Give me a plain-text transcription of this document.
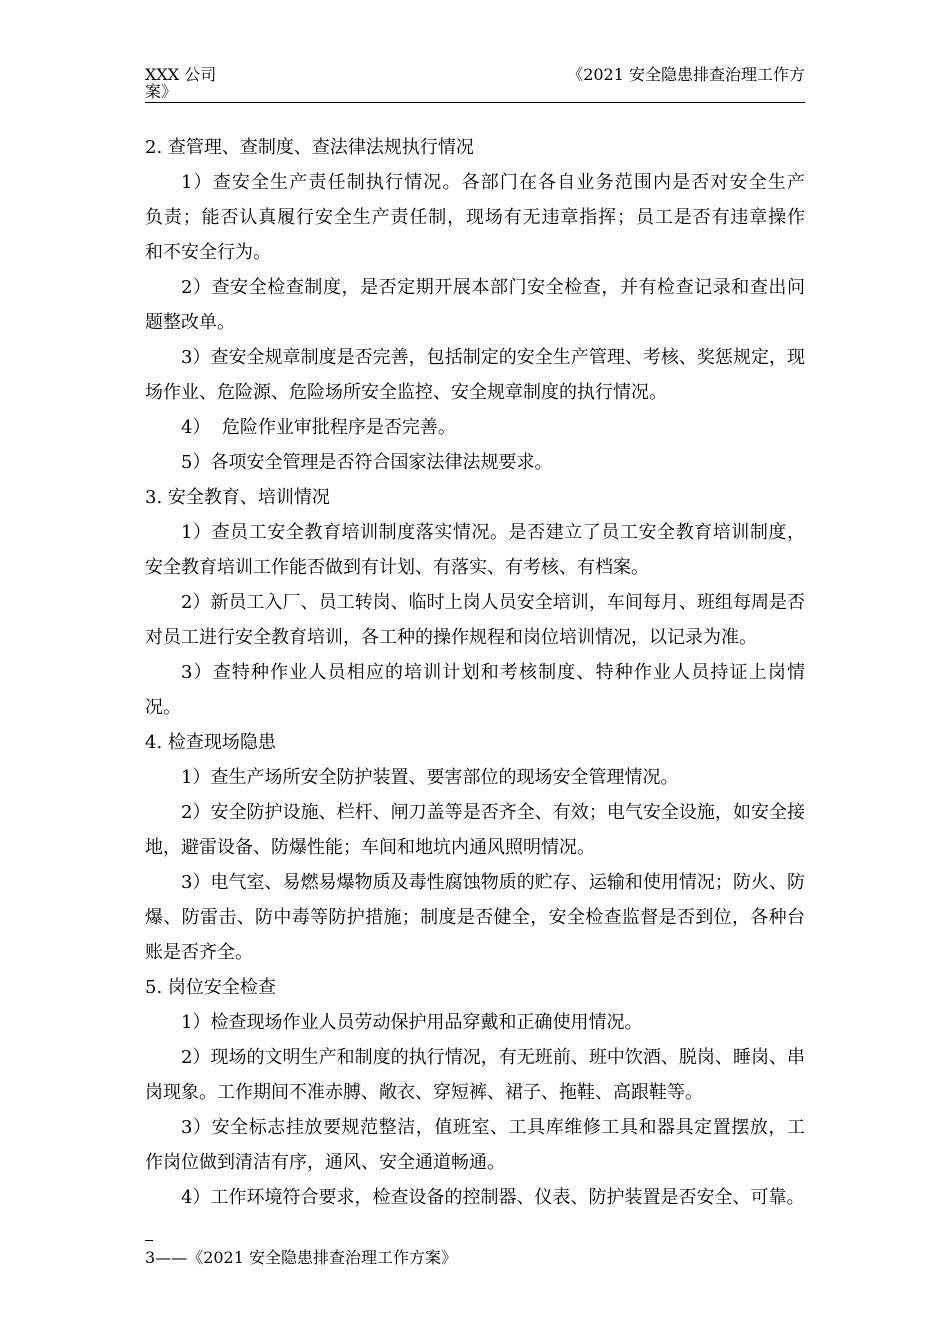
XXX 公司	《2021 安全隐患排查治理工作方
案》
2. 查管理、查制度、查法律法规执行情况
1）查安全生产责任制执行情况。各部门在各自业务范围内是否对安全生产
负责；能否认真履行安全生产责任制，现场有无违章指挥；员工是否有违章操作
和不安全行为。
2）查安全检查制度，是否定期开展本部门安全检查，并有检查记录和查出问
题整改单。
3）查安全规章制度是否完善，包括制定的安全生产管理、考核、奖惩规定，现
场作业、危险源、危险场所安全监控、安全规章制度的执行情况。
4）  危险作业审批程序是否完善。
5）各项安全管理是否符合国家法律法规要求。
3. 安全教育、培训情况
1）查员工安全教育培训制度落实情况。是否建立了员工安全教育培训制度，
安全教育培训工作能否做到有计划、有落实、有考核、有档案。
2）新员工入厂、员工转岗、临时上岗人员安全培训，车间每月、班组每周是否
对员工进行安全教育培训，各工种的操作规程和岗位培训情况，以记录为准。
3）查特种作业人员相应的培训计划和考核制度、特种作业人员持证上岗情
况。
4. 检查现场隐患
1）查生产场所安全防护装置、要害部位的现场安全管理情况。
2）安全防护设施、栏杆、闸刀盖等是否齐全、有效；电气安全设施，如安全接
地，避雷设备、防爆性能；车间和地坑内通风照明情况。
3）电气室、易燃易爆物质及毒性腐蚀物质的贮存、运输和使用情况；防火、防
爆、防雷击、防中毒等防护措施；制度是否健全，安全检查监督是否到位，各种台
账是否齐全。
5. 岗位安全检查
1）检查现场作业人员劳动保护用品穿戴和正确使用情况。
2）现场的文明生产和制度的执行情况，有无班前、班中饮酒、脱岗、睡岗、串
岗现象。工作期间不准赤膊、敞衣、穿短裤、裙子、拖鞋、高跟鞋等。
3）安全标志挂放要规范整洁，值班室、工具库维修工具和器具定置摆放，工
作岗位做到清洁有序，通风、安全通道畅通。
4）工作环境符合要求，检查设备的控制器、仪表、防护装置是否安全、可靠。
3——《2021 安全隐患排查治理工作方案》
